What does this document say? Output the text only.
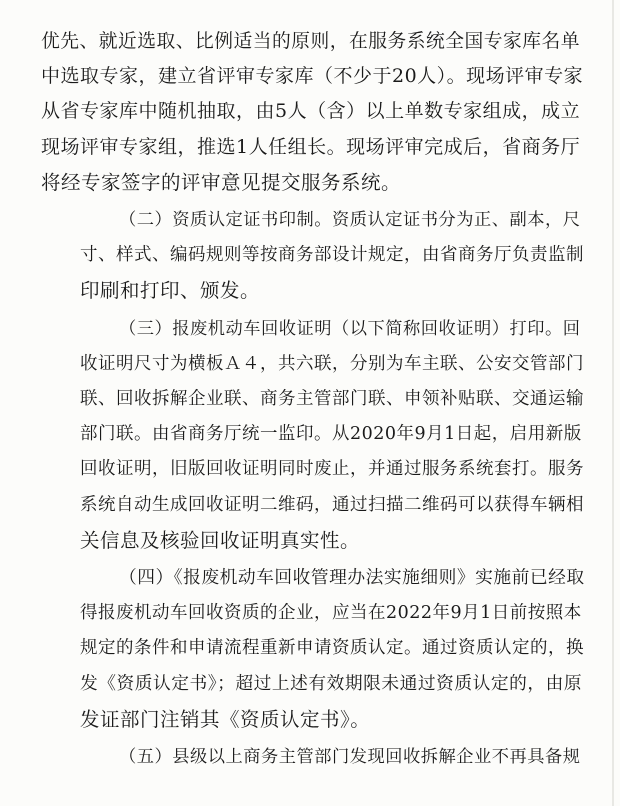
优先、就近选取、比例适当的原则，在服务系统全国专家库名单
中选取专家，建立省评审专家库（不少于20人）。现场评审专家
从省专家库中随机抽取，由5人（含）以上单数专家组成，成立
现场评审专家组，推选1人任组长。现场评审完成后，省商务厅
将经专家签字的评审意见提交服务系统。

（二）资质认定证书印制。资质认定证书分为正、副本，尺
寸、样式、编码规则等按商务部设计规定，由省商务厅负责监制
印刷和打印、颁发。

（三）报废机动车回收证明（以下简称回收证明）打印。回
收证明尺寸为横板Ａ４，共六联，分别为车主联、公安交管部门
联、回收拆解企业联、商务主管部门联、申领补贴联、交通运输
部门联。由省商务厅统一监印。从2020年9月1日起，启用新版
回收证明，旧版回收证明同时废止，并通过服务系统套打。服务
系统自动生成回收证明二维码，通过扫描二维码可以获得车辆相
关信息及核验回收证明真实性。

（四）《报废机动车回收管理办法实施细则》实施前已经取
得报废机动车回收资质的企业，应当在2022年9月1日前按照本
规定的条件和申请流程重新申请资质认定。通过资质认定的，换
发《资质认定书》；超过上述有效期限未通过资质认定的，由原
发证部门注销其《资质认定书》。

（五）县级以上商务主管部门发现回收拆解企业不再具备规
